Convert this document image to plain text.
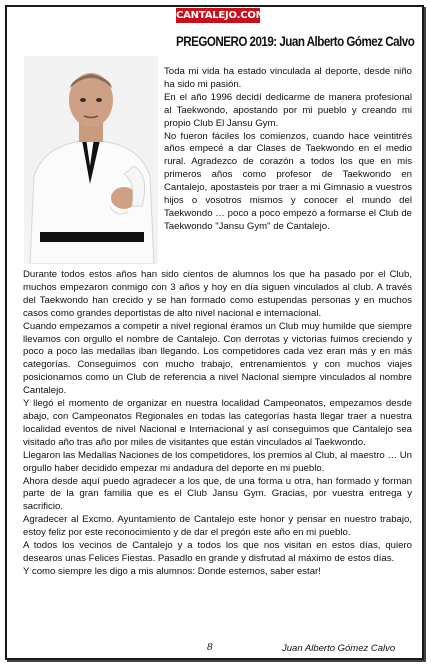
CANTALEJO.COM
PREGONERO 2019: Juan Alberto Gómez Calvo

Toda mi vida ha estado vinculada al deporte, desde niño ha sido mi pasión.

En el año 1996 decidí dedicarme de manera profesional al Taekwondo, apostando por mi pueblo y creando mi propio Club El Jansu Gym.

No fueron fáciles los comienzos, cuando hace veintitrés años empecé a dar Clases de Taekwondo en el medio rural. Agradezco de corazón a todos los que en mis primeros años como profesor de Taekwondo en Cantalejo, apostasteis por traer a mi Gimnasio a vuestros hijos o vosotros mismos y conocer el mundo del Taekwondo … poco a poco empezó a formarse el Club de Taekwondo "Jansu Gym" de Cantalejo.

Durante todos estos años han sido cientos de alumnos los que ha pasado por el Club, muchos empezaron conmigo con 3 años y hoy en día siguen vinculados al club. A través del Taekwondo han crecido y se han formado como estupendas personas y en muchos casos como grandes deportistas de alto nivel nacional e internacional.

Cuando empezamos a competir a nivel regional éramos un Club muy humilde que siempre llevamos con orgullo el nombre de Cantalejo. Con derrotas y victorias fuimos creciendo y poco a poco las medallas iban llegando. Los competidores cada vez eran más y en más categorías. Conseguimos con mucho trabajo, entrenamientos y con muchos viajes posicionarnos como un Club de referencia a nivel Nacional siempre vinculados al nombre Cantalejo.

Y llegó el momento de organizar en nuestra localidad Campeonatos, empezamos desde abajo, con Campeonatos Regionales en todas las categorías hasta llegar traer a nuestra localidad eventos de nivel Nacional e Internacional y así conseguimos que Cantalejo sea visitado año tras año por miles de visitantes que están vinculados al Taekwondo.

Llegaron las Medallas Naciones de los competidores, los premios al Club, al maestro … Un orgullo haber decidido empezar mi andadura del deporte en mi pueblo.

Ahora desde aquí puedo agradecer a los que, de una forma u otra, han formado y forman parte de la gran familia que es el Club Jansu Gym. Gracias, por vuestra entrega y sacrificio.

Agradecer al Excmo. Ayuntamiento de Cantalejo este honor y pensar en nuestro trabajo, estoy feliz por este reconocimiento y de dar el pregón este año en mi pueblo.

A todos los vecinos de Cantalejo y a todos los que nos visitan en estos días, quiero desearos unas Felices Fiestas. Pasadlo en grande y disfrutad al máximo de estos días.

Y como siempre les digo a mis alumnos: Donde estemos, saber estar!

8	Juan Alberto Gómez Calvo
